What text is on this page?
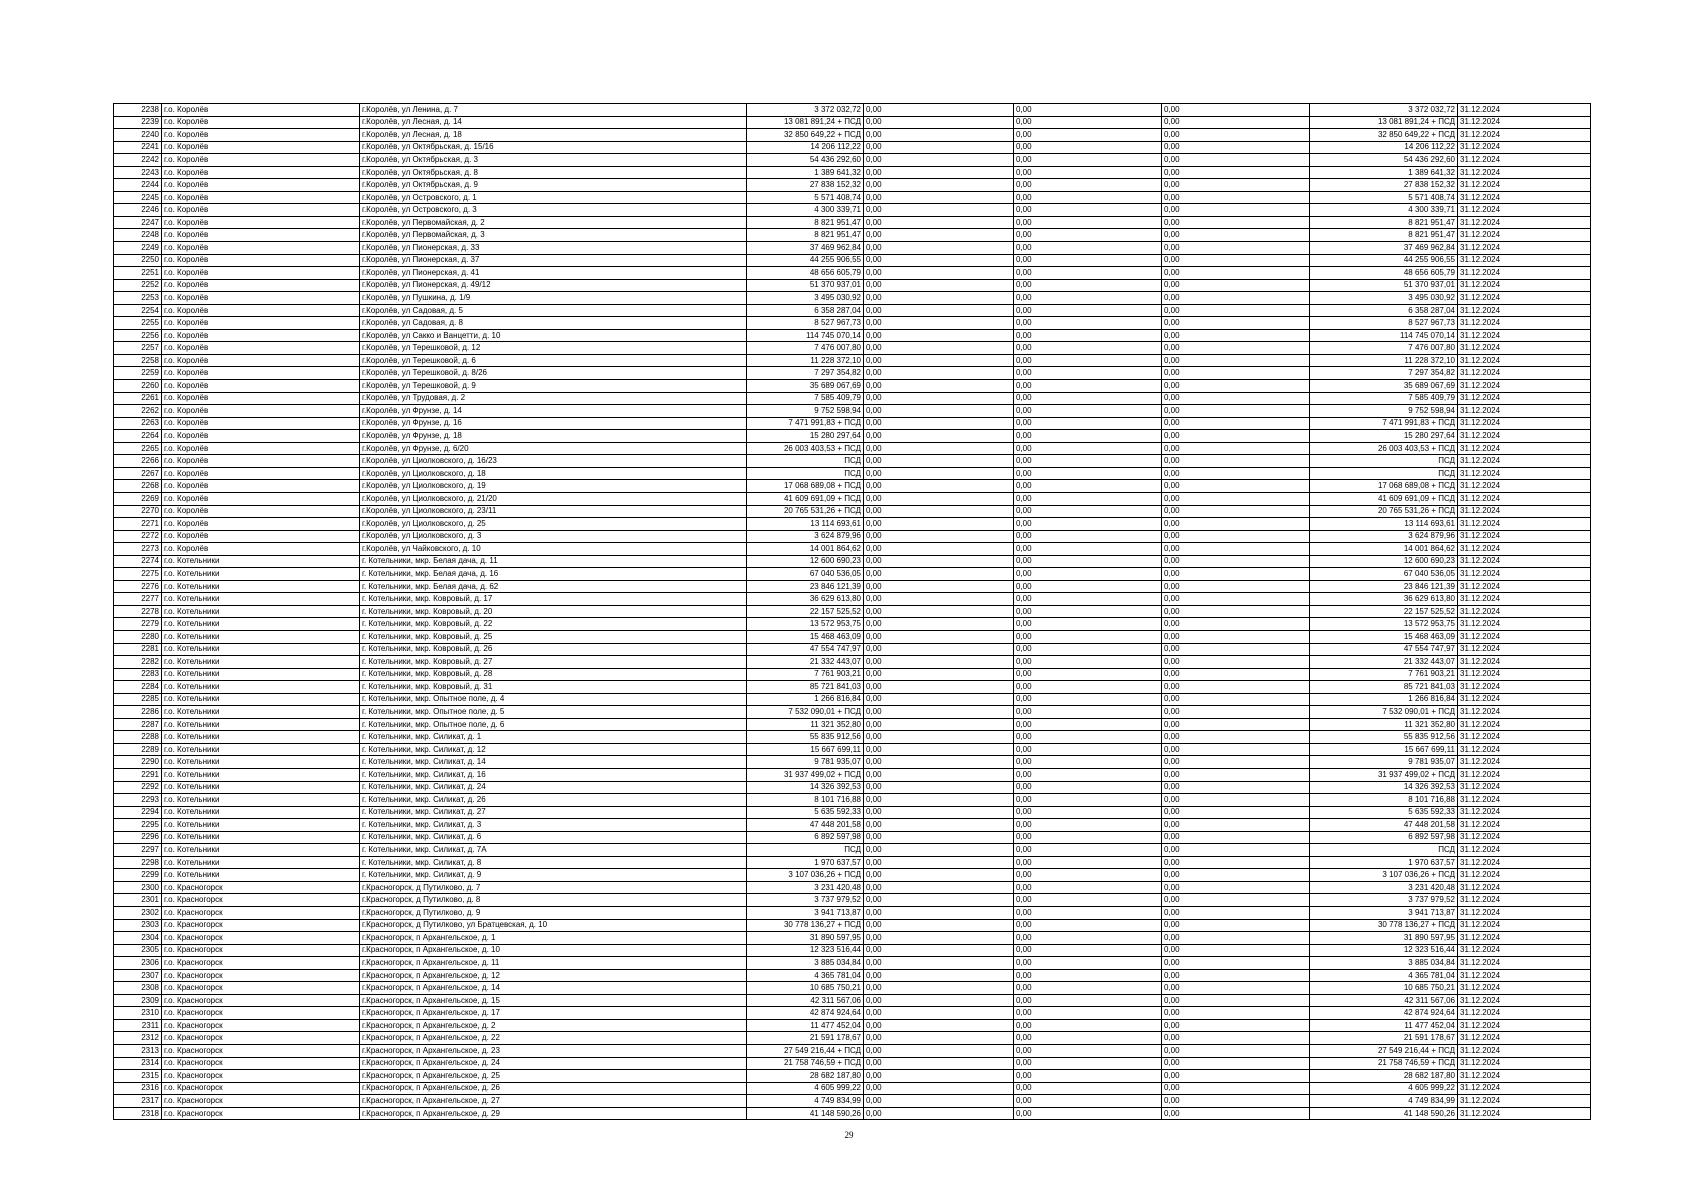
2238	г.о. Королёв	г.Королёв, ул Ленина, д. 7	3 372 032,72	0,00	0,00	0,00	3 372 032,72	31.12.2024
2239	г.о. Королёв	г.Королёв, ул Лесная, д. 14	13 081 891,24 + ПСД	0,00	0,00	0,00	13 081 891,24 + ПСД	31.12.2024
2240	г.о. Королёв	г.Королёв, ул Лесная, д. 18	32 850 649,22 + ПСД	0,00	0,00	0,00	32 850 649,22 + ПСД	31.12.2024
2241	г.о. Королёв	г.Королёв, ул Октябрьская, д. 15/16	14 206 112,22	0,00	0,00	0,00	14 206 112,22	31.12.2024
2242	г.о. Королёв	г.Королёв, ул Октябрьская, д. 3	54 436 292,60	0,00	0,00	0,00	54 436 292,60	31.12.2024
2243	г.о. Королёв	г.Королёв, ул Октябрьская, д. 8	1 389 641,32	0,00	0,00	0,00	1 389 641,32	31.12.2024
2244	г.о. Королёв	г.Королёв, ул Октябрьская, д. 9	27 838 152,32	0,00	0,00	0,00	27 838 152,32	31.12.2024
2245	г.о. Королёв	г.Королёв, ул Островского, д. 1	5 571 408,74	0,00	0,00	0,00	5 571 408,74	31.12.2024
2246	г.о. Королёв	г.Королёв, ул Островского, д. 3	4 300 339,71	0,00	0,00	0,00	4 300 339,71	31.12.2024
2247	г.о. Королёв	г.Королёв, ул Первомайская, д. 2	8 821 951,47	0,00	0,00	0,00	8 821 951,47	31.12.2024
2248	г.о. Королёв	г.Королёв, ул Первомайская, д. 3	8 821 951,47	0,00	0,00	0,00	8 821 951,47	31.12.2024
2249	г.о. Королёв	г.Королёв, ул Пионерская, д. 33	37 469 962,84	0,00	0,00	0,00	37 469 962,84	31.12.2024
2250	г.о. Королёв	г.Королёв, ул Пионерская, д. 37	44 255 906,55	0,00	0,00	0,00	44 255 906,55	31.12.2024
2251	г.о. Королёв	г.Королёв, ул Пионерская, д. 41	48 656 605,79	0,00	0,00	0,00	48 656 605,79	31.12.2024
2252	г.о. Королёв	г.Королёв, ул Пионерская, д. 49/12	51 370 937,01	0,00	0,00	0,00	51 370 937,01	31.12.2024
2253	г.о. Королёв	г.Королёв, ул Пушкина, д. 1/9	3 495 030,92	0,00	0,00	0,00	3 495 030,92	31.12.2024
2254	г.о. Королёв	г.Королёв, ул Садовая, д. 5	6 358 287,04	0,00	0,00	0,00	6 358 287,04	31.12.2024
2255	г.о. Королёв	г.Королёв, ул Садовая, д. 8	8 527 967,73	0,00	0,00	0,00	8 527 967,73	31.12.2024
2256	г.о. Королёв	г.Королёв, ул Сакко и Ванцетти, д. 10	114 745 070,14	0,00	0,00	0,00	114 745 070,14	31.12.2024
2257	г.о. Королёв	г.Королёв, ул Терешковой, д. 12	7 476 007,80	0,00	0,00	0,00	7 476 007,80	31.12.2024
2258	г.о. Королёв	г.Королёв, ул Терешковой, д. 6	11 228 372,10	0,00	0,00	0,00	11 228 372,10	31.12.2024
2259	г.о. Королёв	г.Королёв, ул Терешковой, д. 8/26	7 297 354,82	0,00	0,00	0,00	7 297 354,82	31.12.2024
2260	г.о. Королёв	г.Королёв, ул Терешковой, д. 9	35 689 067,69	0,00	0,00	0,00	35 689 067,69	31.12.2024
2261	г.о. Королёв	г.Королёв, ул Трудовая, д. 2	7 585 409,79	0,00	0,00	0,00	7 585 409,79	31.12.2024
2262	г.о. Королёв	г.Королёв, ул Фрунзе, д. 14	9 752 598,94	0,00	0,00	0,00	9 752 598,94	31.12.2024
2263	г.о. Королёв	г.Королёв, ул Фрунзе, д. 16	7 471 991,83 + ПСД	0,00	0,00	0,00	7 471 991,83 + ПСД	31.12.2024
2264	г.о. Королёв	г.Королёв, ул Фрунзе, д. 18	15 280 297,64	0,00	0,00	0,00	15 280 297,64	31.12.2024
2265	г.о. Королёв	г.Королёв, ул Фрунзе, д. 6/20	26 003 403,53 + ПСД	0,00	0,00	0,00	26 003 403,53 + ПСД	31.12.2024
2266	г.о. Королёв	г.Королёв, ул Циолковского, д. 16/23	ПСД	0,00	0,00	0,00	ПСД	31.12.2024
2267	г.о. Королёв	г.Королёв, ул Циолковского, д. 18	ПСД	0,00	0,00	0,00	ПСД	31.12.2024
2268	г.о. Королёв	г.Королёв, ул Циолковского, д. 19	17 068 689,08 + ПСД	0,00	0,00	0,00	17 068 689,08 + ПСД	31.12.2024
2269	г.о. Королёв	г.Королёв, ул Циолковского, д. 21/20	41 609 691,09 + ПСД	0,00	0,00	0,00	41 609 691,09 + ПСД	31.12.2024
2270	г.о. Королёв	г.Королёв, ул Циолковского, д. 23/11	20 765 531,26 + ПСД	0,00	0,00	0,00	20 765 531,26 + ПСД	31.12.2024
2271	г.о. Королёв	г.Королёв, ул Циолковского, д. 25	13 114 693,61	0,00	0,00	0,00	13 114 693,61	31.12.2024
2272	г.о. Королёв	г.Королёв, ул Циолковского, д. 3	3 624 879,96	0,00	0,00	0,00	3 624 879,96	31.12.2024
2273	г.о. Королёв	г.Королёв, ул Чайковского, д. 10	14 001 864,62	0,00	0,00	0,00	14 001 864,62	31.12.2024
2274	г.о. Котельники	г. Котельники, мкр. Белая дача, д. 11	12 600 690,23	0,00	0,00	0,00	12 600 690,23	31.12.2024
2275	г.о. Котельники	г. Котельники, мкр. Белая дача, д. 16	67 040 536,05	0,00	0,00	0,00	67 040 536,05	31.12.2024
2276	г.о. Котельники	г. Котельники, мкр. Белая дача, д. 62	23 846 121,39	0,00	0,00	0,00	23 846 121,39	31.12.2024
2277	г.о. Котельники	г. Котельники, мкр. Ковровый, д. 17	36 629 613,80	0,00	0,00	0,00	36 629 613,80	31.12.2024
2278	г.о. Котельники	г. Котельники, мкр. Ковровый, д. 20	22 157 525,52	0,00	0,00	0,00	22 157 525,52	31.12.2024
2279	г.о. Котельники	г. Котельники, мкр. Ковровый, д. 22	13 572 953,75	0,00	0,00	0,00	13 572 953,75	31.12.2024
2280	г.о. Котельники	г. Котельники, мкр. Ковровый, д. 25	15 468 463,09	0,00	0,00	0,00	15 468 463,09	31.12.2024
2281	г.о. Котельники	г. Котельники, мкр. Ковровый, д. 26	47 554 747,97	0,00	0,00	0,00	47 554 747,97	31.12.2024
2282	г.о. Котельники	г. Котельники, мкр. Ковровый, д. 27	21 332 443,07	0,00	0,00	0,00	21 332 443,07	31.12.2024
2283	г.о. Котельники	г. Котельники, мкр. Ковровый, д. 28	7 761 903,21	0,00	0,00	0,00	7 761 903,21	31.12.2024
2284	г.о. Котельники	г. Котельники, мкр. Ковровый, д. 31	85 721 841,03	0,00	0,00	0,00	85 721 841,03	31.12.2024
2285	г.о. Котельники	г. Котельники, мкр. Опытное поле, д. 4	1 266 816,84	0,00	0,00	0,00	1 266 816,84	31.12.2024
2286	г.о. Котельники	г. Котельники, мкр. Опытное поле, д. 5	7 532 090,01 + ПСД	0,00	0,00	0,00	7 532 090,01 + ПСД	31.12.2024
2287	г.о. Котельники	г. Котельники, мкр. Опытное поле, д. 6	11 321 352,80	0,00	0,00	0,00	11 321 352,80	31.12.2024
2288	г.о. Котельники	г. Котельники, мкр. Силикат, д. 1	55 835 912,56	0,00	0,00	0,00	55 835 912,56	31.12.2024
2289	г.о. Котельники	г. Котельники, мкр. Силикат, д. 12	15 667 699,11	0,00	0,00	0,00	15 667 699,11	31.12.2024
2290	г.о. Котельники	г. Котельники, мкр. Силикат, д. 14	9 781 935,07	0,00	0,00	0,00	9 781 935,07	31.12.2024
2291	г.о. Котельники	г. Котельники, мкр. Силикат, д. 16	31 937 499,02 + ПСД	0,00	0,00	0,00	31 937 499,02 + ПСД	31.12.2024
2292	г.о. Котельники	г. Котельники, мкр. Силикат, д. 24	14 326 392,53	0,00	0,00	0,00	14 326 392,53	31.12.2024
2293	г.о. Котельники	г. Котельники, мкр. Силикат, д. 26	8 101 716,88	0,00	0,00	0,00	8 101 716,88	31.12.2024
2294	г.о. Котельники	г. Котельники, мкр. Силикат, д. 27	5 635 592,33	0,00	0,00	0,00	5 635 592,33	31.12.2024
2295	г.о. Котельники	г. Котельники, мкр. Силикат, д. 3	47 448 201,58	0,00	0,00	0,00	47 448 201,58	31.12.2024
2296	г.о. Котельники	г. Котельники, мкр. Силикат, д. 6	6 892 597,98	0,00	0,00	0,00	6 892 597,98	31.12.2024
2297	г.о. Котельники	г. Котельники, мкр. Силикат, д. 7А	ПСД	0,00	0,00	0,00	ПСД	31.12.2024
2298	г.о. Котельники	г. Котельники, мкр. Силикат, д. 8	1 970 637,57	0,00	0,00	0,00	1 970 637,57	31.12.2024
2299	г.о. Котельники	г. Котельники, мкр. Силикат, д. 9	3 107 036,26 + ПСД	0,00	0,00	0,00	3 107 036,26 + ПСД	31.12.2024
2300	г.о. Красногорск	г.Красногорск, д Путилково, д. 7	3 231 420,48	0,00	0,00	0,00	3 231 420,48	31.12.2024
2301	г.о. Красногорск	г.Красногорск, д Путилково, д. 8	3 737 979,52	0,00	0,00	0,00	3 737 979,52	31.12.2024
2302	г.о. Красногорск	г.Красногорск, д Путилково, д. 9	3 941 713,87	0,00	0,00	0,00	3 941 713,87	31.12.2024
2303	г.о. Красногорск	г.Красногорск, д Путилково, ул Братцевская, д. 10	30 778 136,27 + ПСД	0,00	0,00	0,00	30 778 136,27 + ПСД	31.12.2024
2304	г.о. Красногорск	г.Красногорск, п Архангельское, д. 1	31 890 597,95	0,00	0,00	0,00	31 890 597,95	31.12.2024
2305	г.о. Красногорск	г.Красногорск, п Архангельское, д. 10	12 323 516,44	0,00	0,00	0,00	12 323 516,44	31.12.2024
2306	г.о. Красногорск	г.Красногорск, п Архангельское, д. 11	3 885 034,84	0,00	0,00	0,00	3 885 034,84	31.12.2024
2307	г.о. Красногорск	г.Красногорск, п Архангельское, д. 12	4 365 781,04	0,00	0,00	0,00	4 365 781,04	31.12.2024
2308	г.о. Красногорск	г.Красногорск, п Архангельское, д. 14	10 685 750,21	0,00	0,00	0,00	10 685 750,21	31.12.2024
2309	г.о. Красногорск	г.Красногорск, п Архангельское, д. 15	42 311 567,06	0,00	0,00	0,00	42 311 567,06	31.12.2024
2310	г.о. Красногорск	г.Красногорск, п Архангельское, д. 17	42 874 924,64	0,00	0,00	0,00	42 874 924,64	31.12.2024
2311	г.о. Красногорск	г.Красногорск, п Архангельское, д. 2	11 477 452,04	0,00	0,00	0,00	11 477 452,04	31.12.2024
2312	г.о. Красногорск	г.Красногорск, п Архангельское, д. 22	21 591 178,67	0,00	0,00	0,00	21 591 178,67	31.12.2024
2313	г.о. Красногорск	г.Красногорск, п Архангельское, д. 23	27 549 216,44 + ПСД	0,00	0,00	0,00	27 549 216,44 + ПСД	31.12.2024
2314	г.о. Красногорск	г.Красногорск, п Архангельское, д. 24	21 758 746,59 + ПСД	0,00	0,00	0,00	21 758 746,59 + ПСД	31.12.2024
2315	г.о. Красногорск	г.Красногорск, п Архангельское, д. 25	28 682 187,80	0,00	0,00	0,00	28 682 187,80	31.12.2024
2316	г.о. Красногорск	г.Красногорск, п Архангельское, д. 26	4 605 999,22	0,00	0,00	0,00	4 605 999,22	31.12.2024
2317	г.о. Красногорск	г.Красногорск, п Архангельское, д. 27	4 749 834,99	0,00	0,00	0,00	4 749 834,99	31.12.2024
2318	г.о. Красногорск	г.Красногорск, п Архангельское, д. 29	41 148 590,26	0,00	0,00	0,00	41 148 590,26	31.12.2024
29
